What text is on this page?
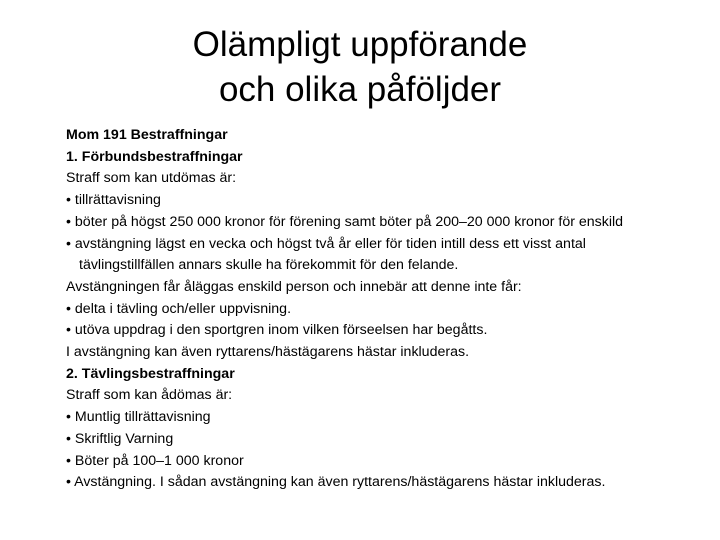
Olämpligt uppförande
och olika påföljder
Mom 191 Bestraffningar
1. Förbundsbestraffningar
Straff som kan utdömas är:
• tillrättavisning
• böter på högst 250 000 kronor för förening samt böter på 200–20 000 kronor för enskild
• avstängning lägst en vecka och högst två år eller för tiden intill dess ett visst antal tävlingstillfällen annars skulle ha förekommit för den felande.
Avstängningen får åläggas enskild person och innebär att denne inte får:
• delta i tävling och/eller uppvisning.
• utöva uppdrag i den sportgren inom vilken förseelsen har begåtts.
I avstängning kan även ryttarens/hästägarens hästar inkluderas.
2. Tävlingsbestraffningar
Straff som kan ådömas är:
• Muntlig tillrättavisning
• Skriftlig Varning
• Böter på 100–1 000 kronor
• Avstängning. I sådan avstängning kan även ryttarens/hästägarens hästar inkluderas.
